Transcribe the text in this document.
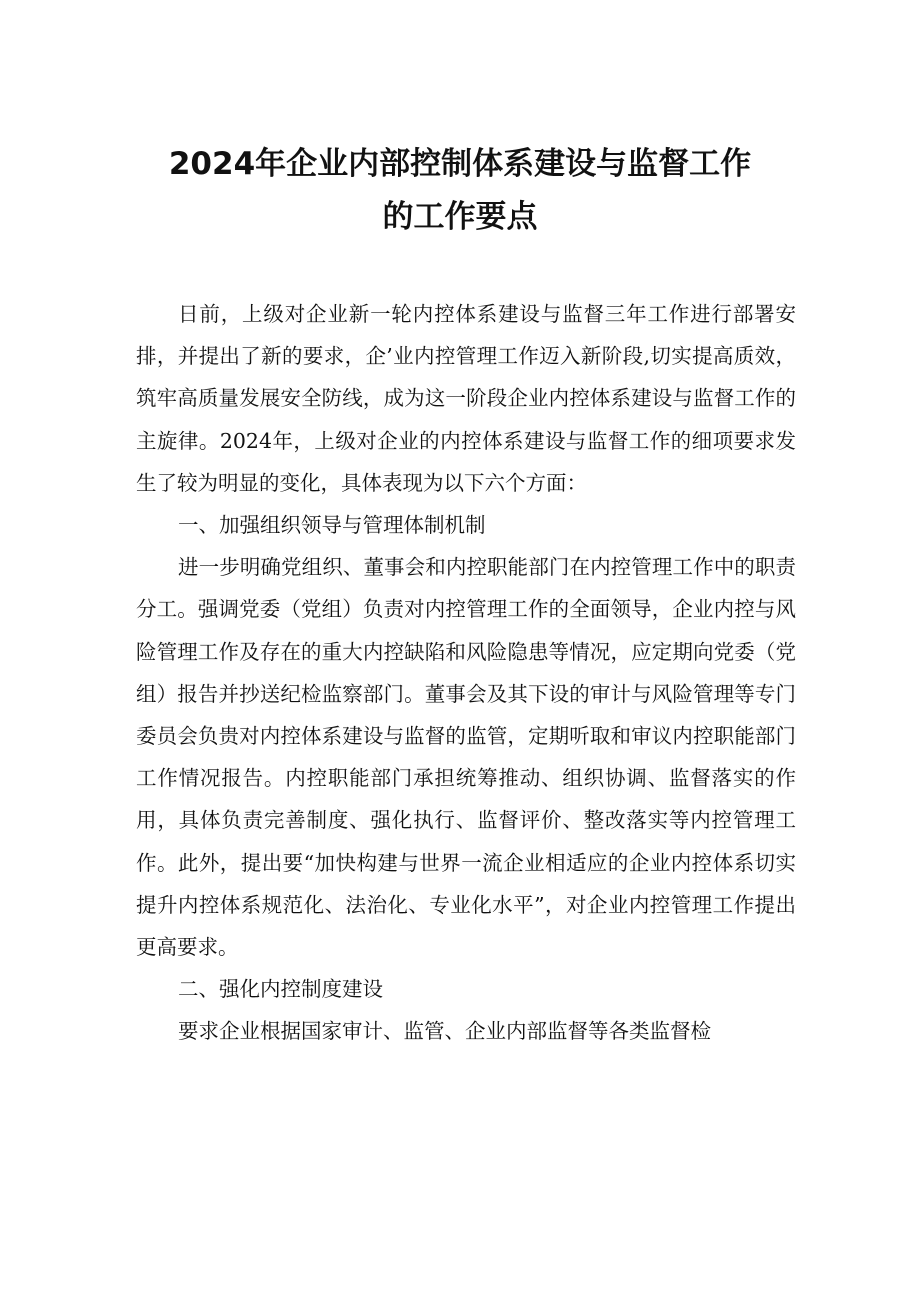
2024年企业内部控制体系建设与监督工作
的工作要点

日前，上级对企业新一轮内控体系建设与监督三年工作进行部署安排，并提出了新的要求，企’业内控管理工作迈入新阶段,切实提高质效，筑牢高质量发展安全防线，成为这一阶段企业内控体系建设与监督工作的主旋律。2024年，上级对企业的内控体系建设与监督工作的细项要求发生了较为明显的变化，具体表现为以下六个方面：

一、加强组织领导与管理体制机制

进一步明确党组织、董事会和内控职能部门在内控管理工作中的职责分工。强调党委（党组）负责对内控管理工作的全面领导，企业内控与风险管理工作及存在的重大内控缺陷和风险隐患等情况，应定期向党委（党组）报告并抄送纪检监察部门。董事会及其下设的审计与风险管理等专门委员会负贵对内控体系建设与监督的监管，定期听取和审议内控职能部门工作情况报告。内控职能部门承担统筹推动、组织协调、监督落实的作用，具体负责完善制度、强化执行、监督评价、整改落实等内控管理工作。此外，提出要“加快构建与世界一流企业相适应的企业内控体系切实提升内控体系规范化、法治化、专业化水平”，对企业内控管理工作提出更高要求。

二、强化内控制度建设

要求企业根据国家审计、监管、企业内部监督等各类监督检
